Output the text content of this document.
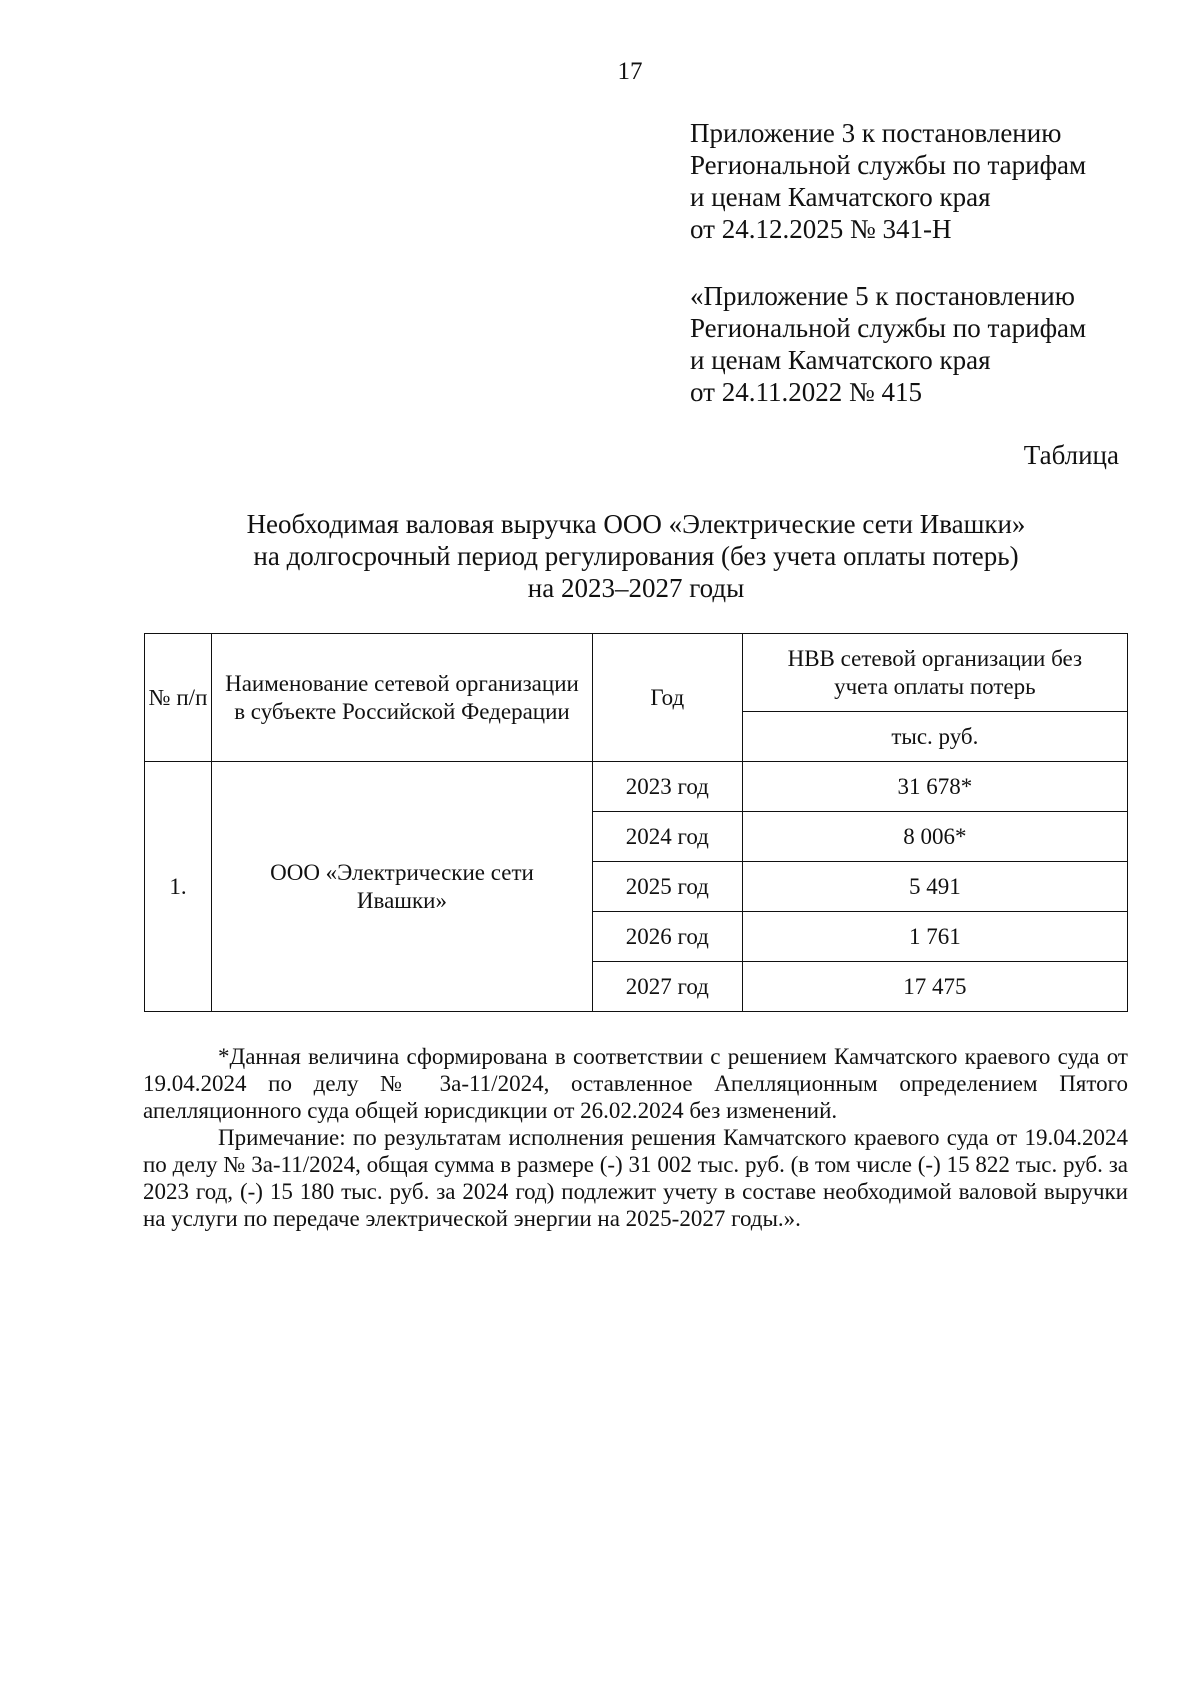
17
Приложение 3 к постановлению
Региональной службы по тарифам
и ценам Камчатского края
от 24.12.2025 № 341-Н
«Приложение 5 к постановлению
Региональной службы по тарифам
и ценам Камчатского края
от 24.11.2022 № 415
Таблица
Необходимая валовая выручка ООО «Электрические сети Ивашки»
на долгосрочный период регулирования (без учета оплаты потерь)
на 2023–2027 годы
№ п/п	Наименование сетевой организации в субъекте Российской Федерации	Год	НВВ сетевой организации без учета оплаты потерь
			тыс. руб.
1.	ООО «Электрические сети Ивашки»	2023 год	31 678*
		2024 год	8 006*
		2025 год	5 491
		2026 год	1 761
		2027 год	17 475

*Данная величина сформирована в соответствии с решением Камчатского краевого суда от 19.04.2024 по делу № 3а-11/2024, оставленное Апелляционным определением Пятого апелляционного суда общей юрисдикции от 26.02.2024 без изменений.

Примечание: по результатам исполнения решения Камчатского краевого суда от 19.04.2024 по делу № 3а-11/2024, общая сумма в размере (-) 31 002 тыс. руб. (в том числе (-) 15 822 тыс. руб. за 2023 год, (-) 15 180 тыс. руб. за 2024 год) подлежит учету в составе необходимой валовой выручки на услуги по передаче электрической энергии на 2025-2027 годы.».
